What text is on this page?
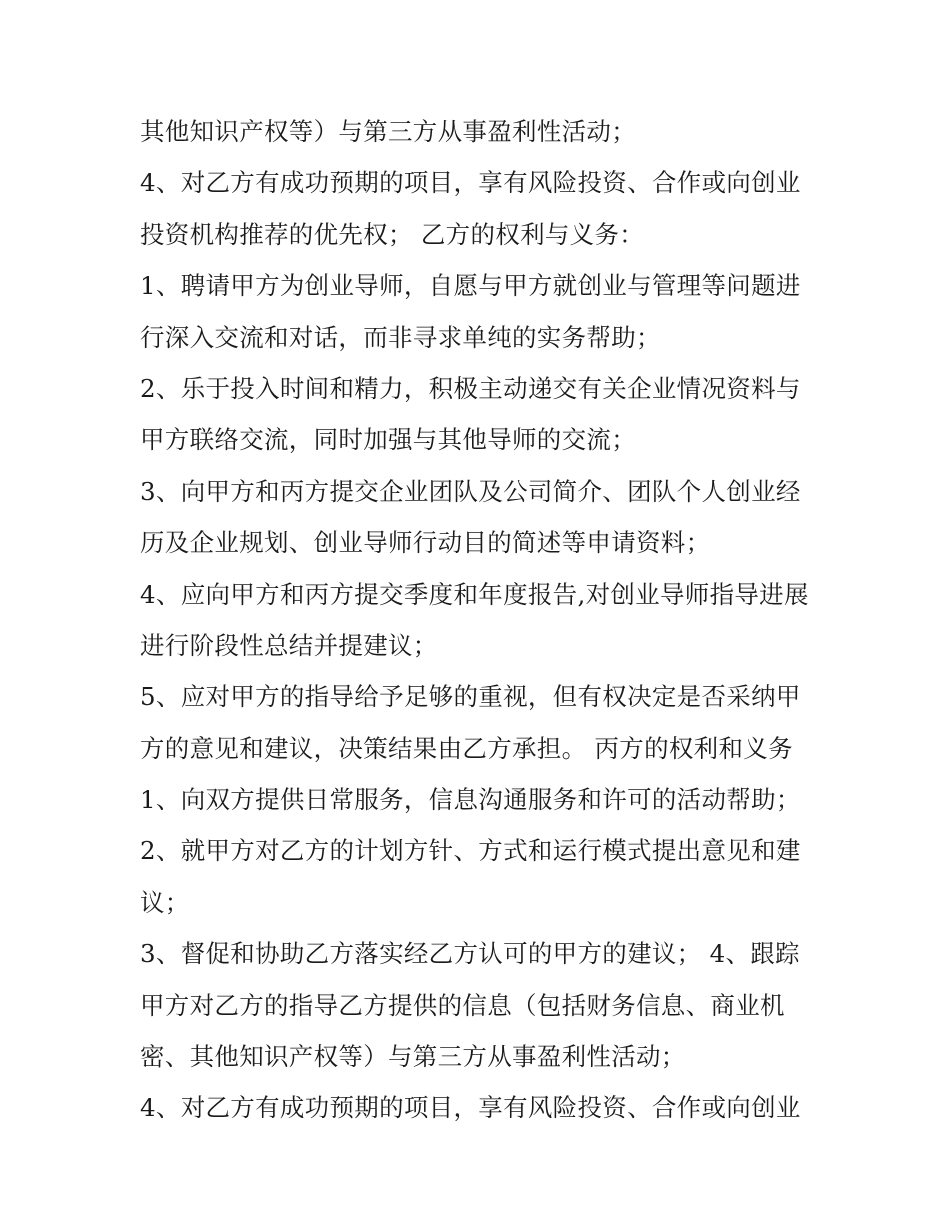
其他知识产权等）与第三方从事盈利性活动；
4、对乙方有成功预期的项目，享有风险投资、合作或向创业
投资机构推荐的优先权； 乙方的权利与义务：
1、聘请甲方为创业导师，自愿与甲方就创业与管理等问题进
行深入交流和对话，而非寻求单纯的实务帮助；
2、乐于投入时间和精力，积极主动递交有关企业情况资料与
甲方联络交流，同时加强与其他导师的交流；
3、向甲方和丙方提交企业团队及公司简介、团队个人创业经
历及企业规划、创业导师行动目的简述等申请资料；
4、应向甲方和丙方提交季度和年度报告,对创业导师指导进展
进行阶段性总结并提建议；
5、应对甲方的指导给予足够的重视，但有权决定是否采纳甲
方的意见和建议，决策结果由乙方承担。 丙方的权利和义务
1、向双方提供日常服务，信息沟通服务和许可的活动帮助；
2、就甲方对乙方的计划方针、方式和运行模式提出意见和建
议；
3、督促和协助乙方落实经乙方认可的甲方的建议； 4、跟踪
甲方对乙方的指导乙方提供的信息（包括财务信息、商业机
密、其他知识产权等）与第三方从事盈利性活动；
4、对乙方有成功预期的项目，享有风险投资、合作或向创业
